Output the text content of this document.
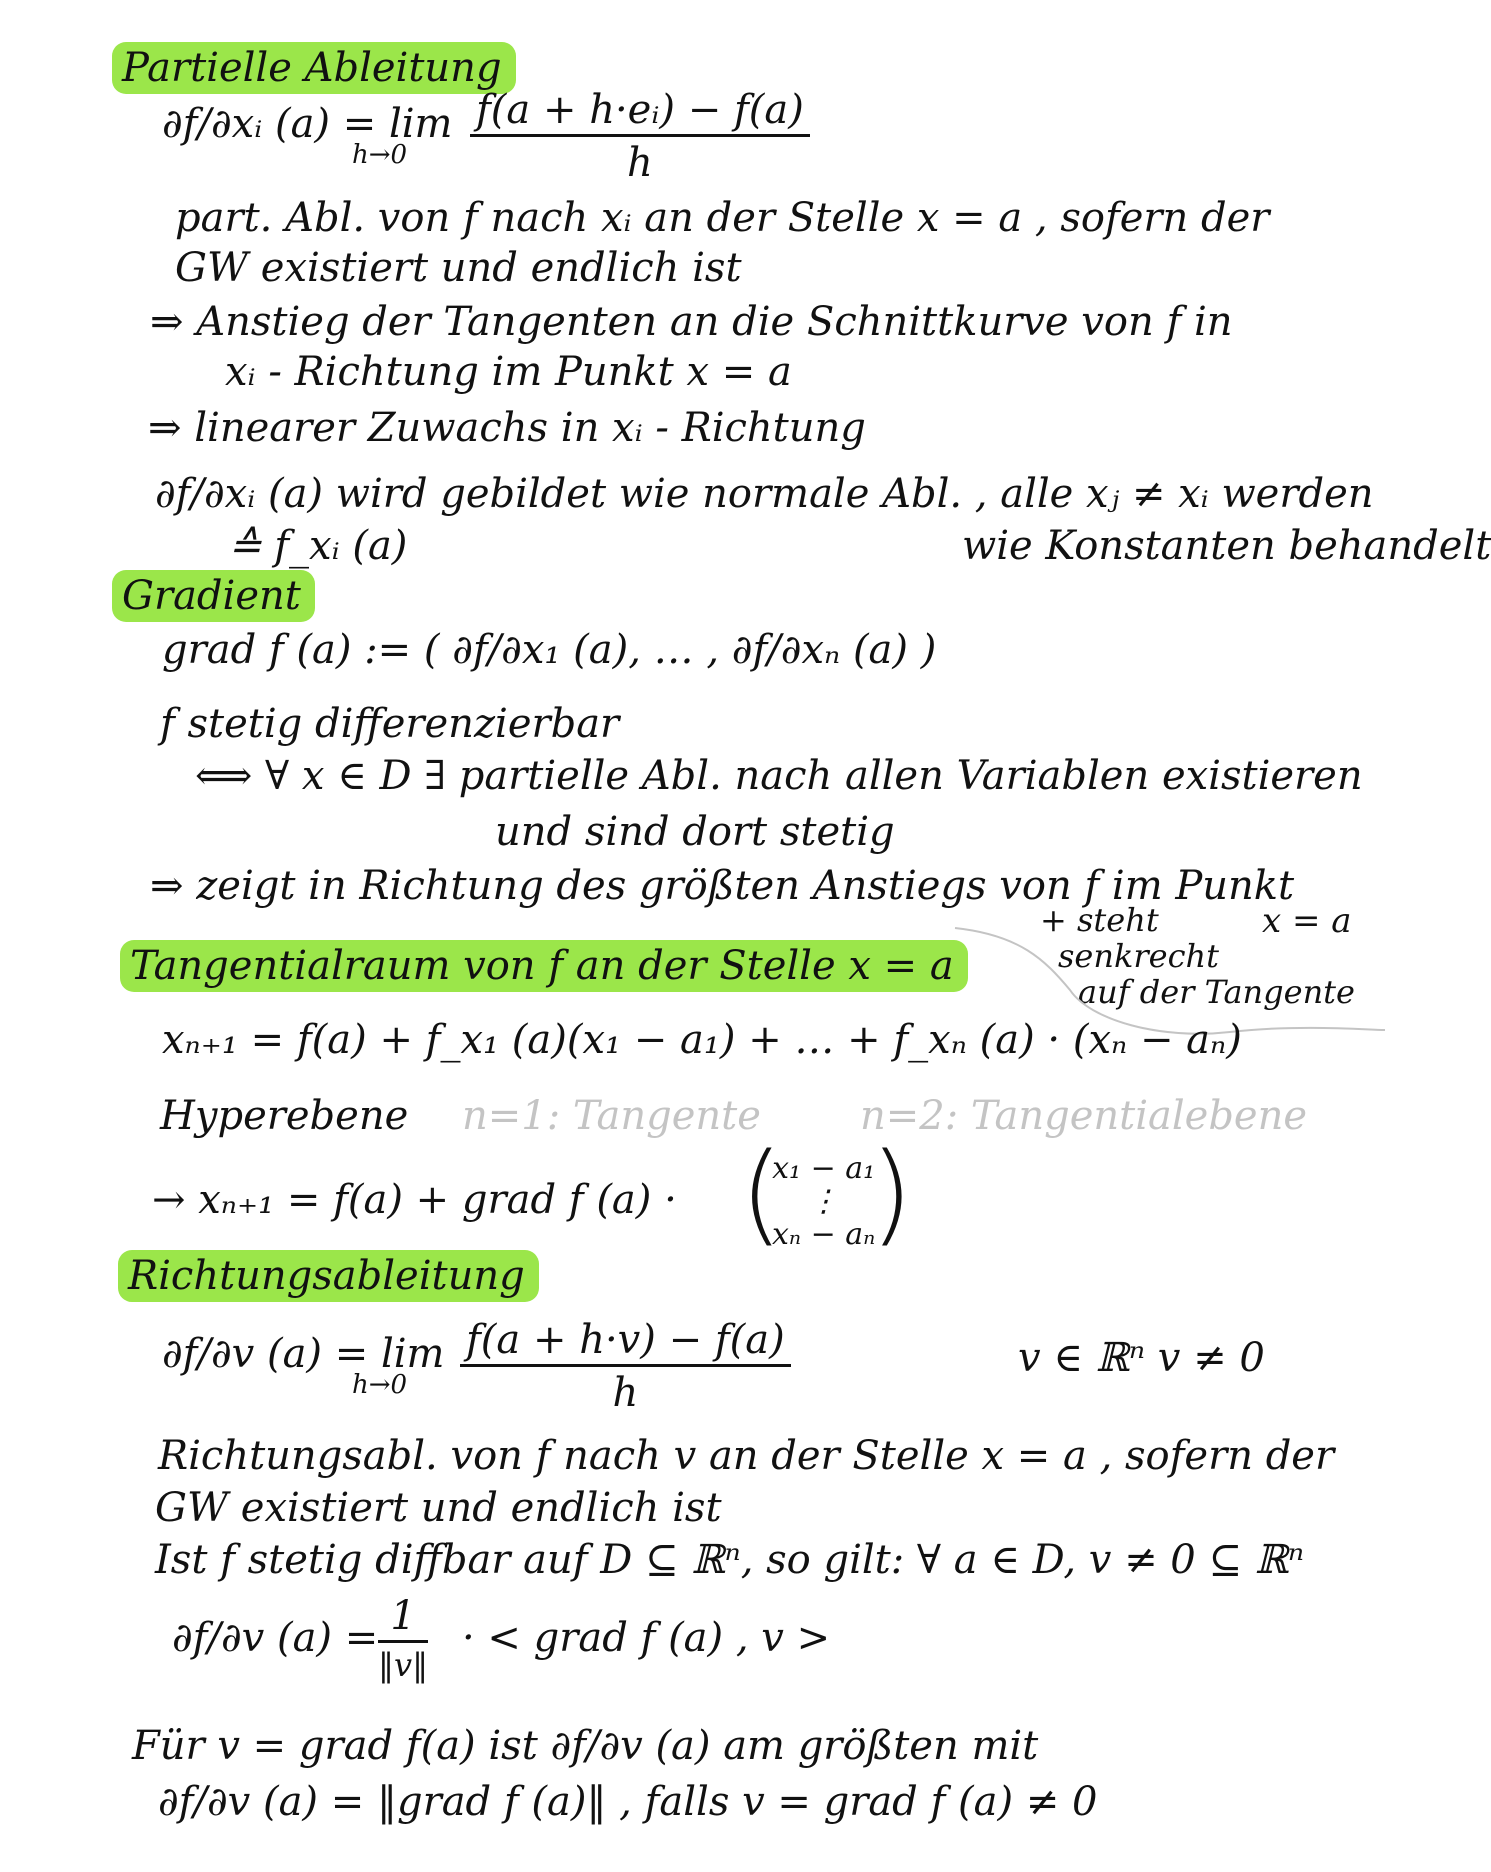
Partielle Ableitung
∂f/∂xᵢ (a) = lim
h→0
f(a + h·eᵢ) − f(a)
h
part. Abl. von f nach xᵢ an der Stelle x = a , sofern der
GW existiert und endlich ist
⇒ Anstieg der Tangenten an die Schnittkurve von f in
xᵢ - Richtung im Punkt x = a
⇒ linearer Zuwachs in xᵢ - Richtung
∂f/∂xᵢ (a) wird gebildet wie normale Abl. , alle xⱼ ≠ xᵢ werden
≙ f_xᵢ (a)	wie Konstanten behandelt
Gradient
grad f (a) := ( ∂f/∂x₁ (a), … , ∂f/∂xₙ (a) )
f stetig differenzierbar
⟺ ∀ x ∈ D ∃ partielle Abl. nach allen Variablen existieren
und sind dort stetig
⇒ zeigt in Richtung des größten Anstiegs von f im Punkt
x = a
+ steht
senkrecht
auf der Tangente
Tangentialraum von f an der Stelle x = a
xₙ₊₁ = f(a) + f_x₁ (a)(x₁ − a₁) + … + f_xₙ (a) · (xₙ − aₙ)
Hyperebene n=1: Tangente n=2: Tangentialebene
→ xₙ₊₁ = f(a) + grad f (a) · (
x₁ − a₁
⋮
xₙ − aₙ
)
Richtungsableitung
∂f/∂v (a) = lim
h→0
f(a + h·v) − f(a)
h
v ∈ ℝⁿ v ≠ 0
Richtungsabl. von f nach v an der Stelle x = a , sofern der
GW existiert und endlich ist
Ist f stetig diffbar auf D ⊆ ℝⁿ, so gilt: ∀ a ∈ D, v ≠ 0 ⊆ ℝⁿ
∂f/∂v (a) = 1
‖v‖
· < grad f (a) , v >
Für v = grad f(a) ist ∂f/∂v (a) am größten mit
∂f/∂v (a) = ‖grad f (a)‖ , falls v = grad f (a) ≠ 0
